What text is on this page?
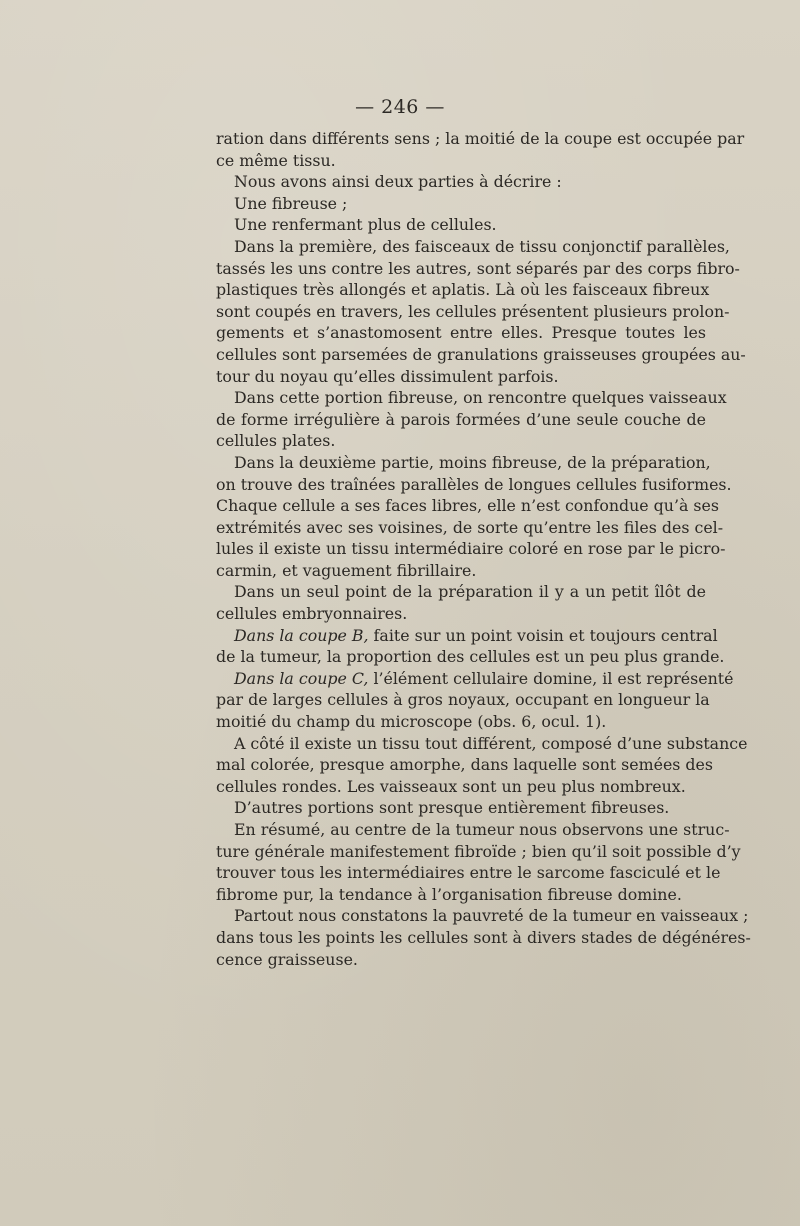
— 246 —
ration dans différents sens ; la moitié de la coupe est occupée par
ce même tissu.
Nous avons ainsi deux parties à décrire :
Une fibreuse ;
Une renfermant plus de cellules.
Dans la première, des faisceaux de tissu conjonctif parallèles,
tassés les uns contre les autres, sont séparés par des corps fibro-
plastiques très allongés et aplatis. Là où les faisceaux fibreux
sont coupés en travers, les cellules présentent plusieurs prolon-
gements et s’anastomosent entre elles. Presque toutes les
cellules sont parsemées de granulations graisseuses groupées au-
tour du noyau qu’elles dissimulent parfois.
Dans cette portion fibreuse, on rencontre quelques vaisseaux
de forme irrégulière à parois formées d’une seule couche de
cellules plates.
Dans la deuxième partie, moins fibreuse, de la préparation,
on trouve des traînées parallèles de longues cellules fusiformes.
Chaque cellule a ses faces libres, elle n’est confondue qu’à ses
extrémités avec ses voisines, de sorte qu’entre les files des cel-
lules il existe un tissu intermédiaire coloré en rose par le picro-
carmin, et vaguement fibrillaire.
Dans un seul point de la préparation il y a un petit îlôt de
cellules embryonnaires.
Dans la coupe B, faite sur un point voisin et toujours central
de la tumeur, la proportion des cellules est un peu plus grande.
Dans la coupe C, l’élément cellulaire domine, il est représenté
par de larges cellules à gros noyaux, occupant en longueur la
moitié du champ du microscope (obs. 6, ocul. 1).
A côté il existe un tissu tout différent, composé d’une substance
mal colorée, presque amorphe, dans laquelle sont semées des
cellules rondes. Les vaisseaux sont un peu plus nombreux.
D’autres portions sont presque entièrement fibreuses.
En résumé, au centre de la tumeur nous observons une struc-
ture générale manifestement fibroïde ; bien qu’il soit possible d’y
trouver tous les intermédiaires entre le sarcome fasciculé et le
fibrome pur, la tendance à l’organisation fibreuse domine.
Partout nous constatons la pauvreté de la tumeur en vaisseaux ;
dans tous les points les cellules sont à divers stades de dégénéres-
cence graisseuse.
